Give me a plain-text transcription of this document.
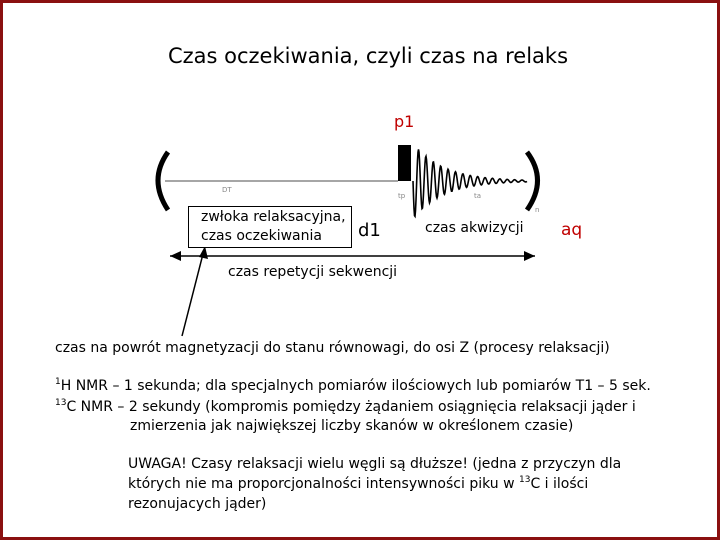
Czas oczekiwania, czyli czas na relaks
DT
tp	ta
n
p1
zwłoka relaksacyjna,
czas oczekiwania d1	czas akwizycji aq
czas repetycji sekwencji
czas na powrót magnetyzacji do stanu równowagi, do osi Z (procesy relaksacji)
$^1$H NMR – 1 sekunda; dla specjalnych pomiarów ilościowych lub pomiarów T1 – 5 sek.
$^{13}$C NMR – 2 sekundy (kompromis pomiędzy żądaniem osiągnięcia relaksacji jąder i
zmierzenia jak największej liczby skanów w określonem czasie)
UWAGA! Czasy relaksacji wielu węgli są dłuższe! (jedna z przyczyn dla
których nie ma proporcjonalności intensywności piku w $^{13}$C i ilości
rezonujacych jąder)
